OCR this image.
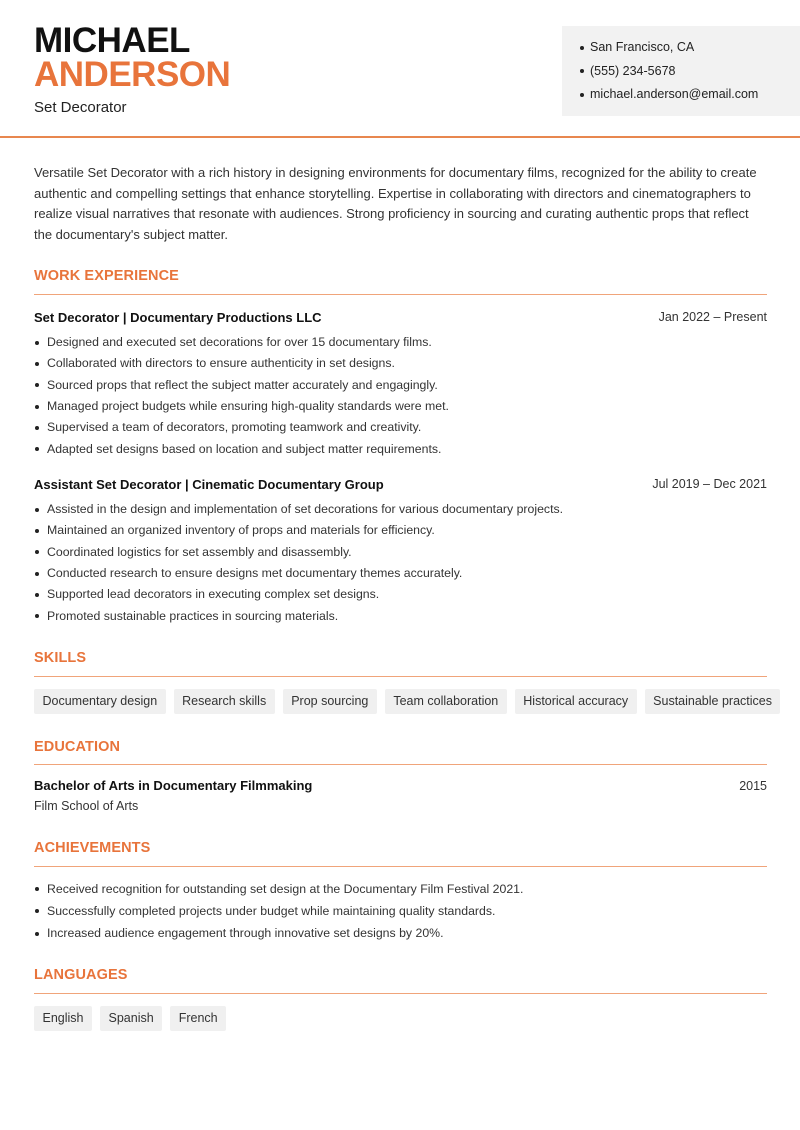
MICHAEL
ANDERSON
Set Decorator
San Francisco, CA
(555) 234-5678
michael.anderson@email.com

Versatile Set Decorator with a rich history in designing environments for documentary films, recognized for the ability to create authentic and compelling settings that enhance storytelling. Expertise in collaborating with directors and cinematographers to realize visual narratives that resonate with audiences. Strong proficiency in sourcing and curating authentic props that reflect the documentary's subject matter.

WORK EXPERIENCE
Set Decorator | Documentary Productions LLC	Jan 2022 – Present
Designed and executed set decorations for over 15 documentary films.
Collaborated with directors to ensure authenticity in set designs.
Sourced props that reflect the subject matter accurately and engagingly.
Managed project budgets while ensuring high-quality standards were met.
Supervised a team of decorators, promoting teamwork and creativity.
Adapted set designs based on location and subject matter requirements.
Assistant Set Decorator | Cinematic Documentary Group	Jul 2019 – Dec 2021
Assisted in the design and implementation of set decorations for various documentary projects.
Maintained an organized inventory of props and materials for efficiency.
Coordinated logistics for set assembly and disassembly.
Conducted research to ensure designs met documentary themes accurately.
Supported lead decorators in executing complex set designs.
Promoted sustainable practices in sourcing materials.
SKILLS
Documentary design	Research skills	Prop sourcing	Team collaboration	Historical accuracy	Sustainable practices
EDUCATION
Bachelor of Arts in Documentary Filmmaking	2015
Film School of Arts
ACHIEVEMENTS
Received recognition for outstanding set design at the Documentary Film Festival 2021.
Successfully completed projects under budget while maintaining quality standards.
Increased audience engagement through innovative set designs by 20%.
LANGUAGES
English	Spanish	French
